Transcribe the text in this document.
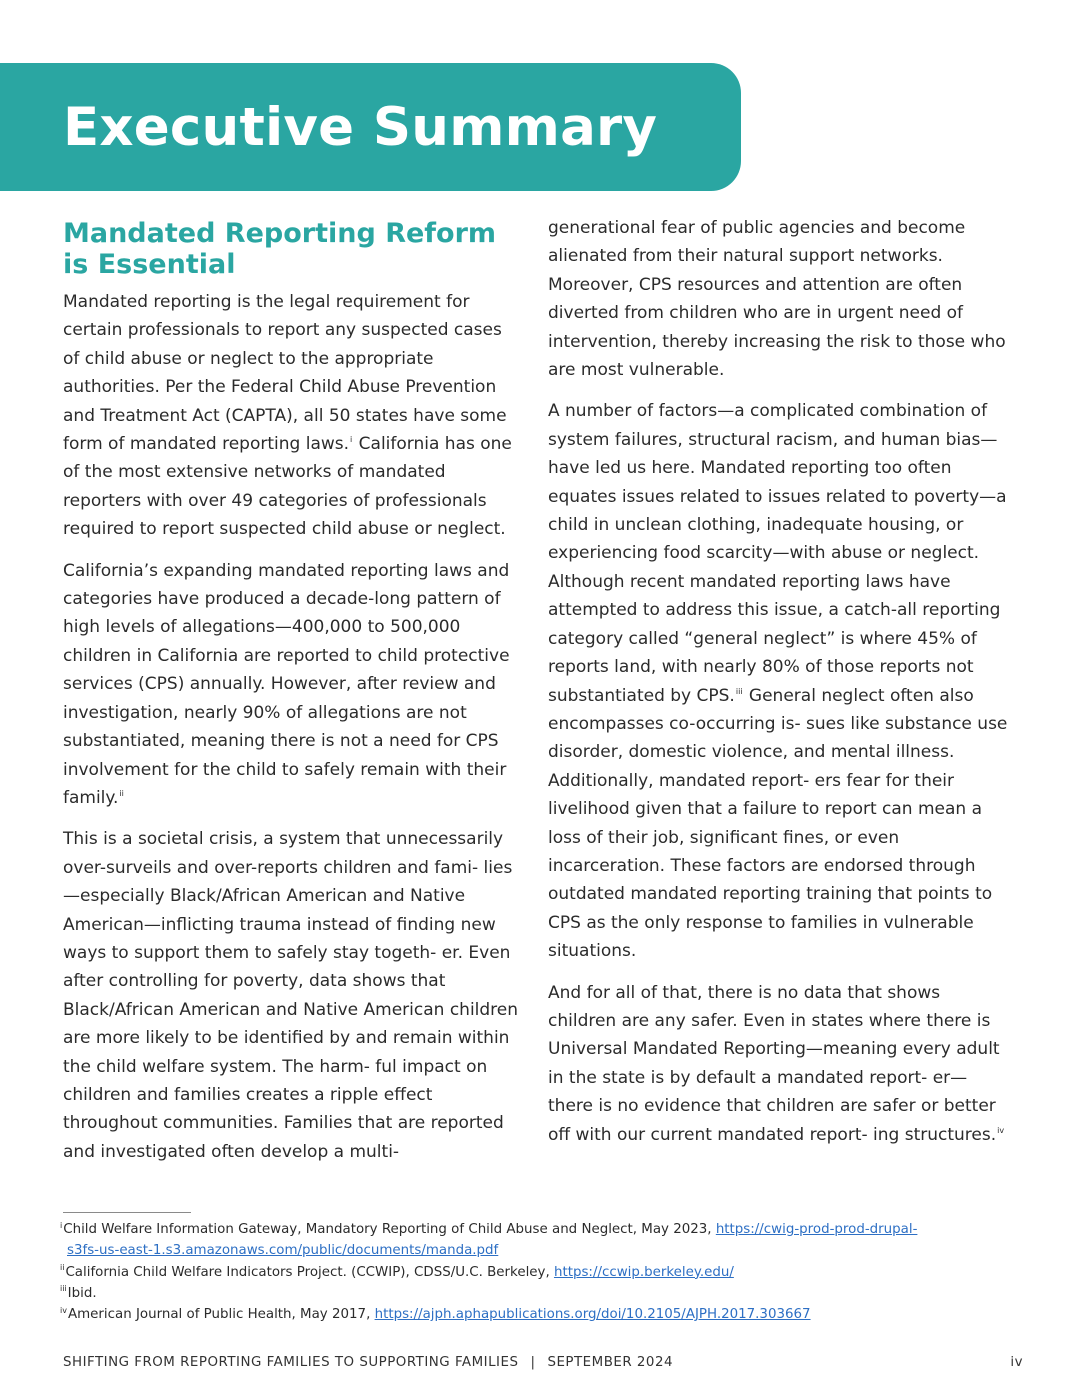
Executive Summary
Mandated Reporting Reform is Essential

Mandated reporting is the legal requirement for certain professionals to report any suspected cases of child abuse or neglect to the appropriate authorities. Per the Federal Child Abuse Prevention and Treatment Act (CAPTA), all 50 states have some form of mandated reporting laws.$^i$ California has one of the most extensive networks of mandated reporters with over 49 categories of professionals required to report suspected child abuse or neglect.

California’s expanding mandated reporting laws and categories have produced a decade-long pattern of high levels of allegations—400,000 to 500,000 children in California are reported to child protective services (CPS) annually. However, after review and investigation, nearly 90% of allegations are not substantiated, meaning there is not a need for CPS involvement for the child to safely remain with their family.$^{ii}$

This is a societal crisis, a system that unnecessarily over-surveils and over-reports children and fami- lies—especially Black/African American and Native American—inflicting trauma instead of finding new ways to support them to safely stay togeth- er. Even after controlling for poverty, data shows that Black/African American and Native American children are more likely to be identified by and remain within the child welfare system. The harm- ful impact on children and families creates a ripple effect throughout communities. Families that are reported and investigated often develop a multi-

generational fear of public agencies and become alienated from their natural support networks. Moreover, CPS resources and attention are often diverted from children who are in urgent need of intervention, thereby increasing the risk to those who are most vulnerable.

A number of factors—a complicated combination of system failures, structural racism, and human bias—have led us here. Mandated reporting too often equates issues related to issues related to poverty—a child in unclean clothing, inadequate housing, or experiencing food scarcity—with abuse or neglect. Although recent mandated reporting laws have attempted to address this issue, a catch-all reporting category called “general neglect” is where 45% of reports land, with nearly 80% of those reports not substantiated by CPS.$^{iii}$ General neglect often also encompasses co-occurring is- sues like substance use disorder, domestic violence, and mental illness. Additionally, mandated report- ers fear for their livelihood given that a failure to report can mean a loss of their job, significant fines, or even incarceration. These factors are endorsed through outdated mandated reporting training that points to CPS as the only response to families in vulnerable situations.

And for all of that, there is no data that shows children are any safer. Even in states where there is Universal Mandated Reporting—meaning every adult in the state is by default a mandated report- er—there is no evidence that children are safer or better off with our current mandated report- ing structures.$^{iv}$

$^i$Child Welfare Information Gateway, Mandatory Reporting of Child Abuse and Neglect, May 2023, https://cwig-prod-prod-drupal-
s3fs-us-east-1.s3.amazonaws.com/public/documents/manda.pdf

$^{ii}$California Child Welfare Indicators Project. (CCWIP), CDSS/U.C. Berkeley, https://ccwip.berkeley.edu/

$^{iii}$Ibid.

$^{iv}$American Journal of Public Health, May 2017, https://ajph.aphapublications.org/doi/10.2105/AJPH.2017.303667

SHIFTING FROM REPORTING FAMILIES TO SUPPORTING FAMILIES | SEPTEMBER 2024	iv
